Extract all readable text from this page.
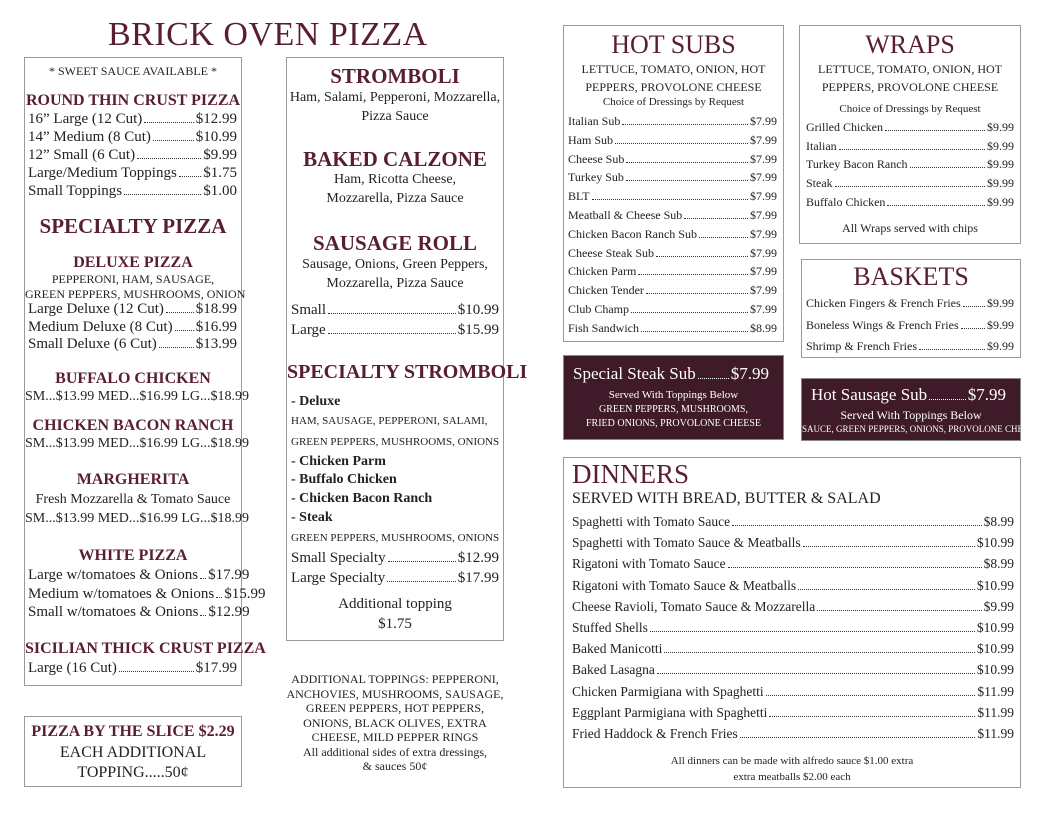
BRICK OVEN PIZZA
* SWEET SAUCE AVAILABLE *
ROUND THIN CRUST PIZZA
16” Large (12 Cut)	$12.99
14” Medium (8 Cut)	$10.99
12” Small (6 Cut)	$9.99
Large/Medium Toppings $1.75
Small Toppings	$1.00
SPECIALTY PIZZA
DELUXE PIZZA
PEPPERONI, HAM, SAUSAGE,
GREEN PEPPERS, MUSHROOMS, ONION
Large Deluxe (12 Cut) $18.99
Medium Deluxe (8 Cut) $16.99
Small Deluxe (6 Cut)	$13.99
BUFFALO CHICKEN
SM...$13.99 MED...$16.99 LG...$18.99
CHICKEN BACON RANCH
SM...$13.99 MED...$16.99 LG...$18.99
MARGHERITA
Fresh Mozzarella & Tomato Sauce
SM...$13.99 MED...$16.99 LG...$18.99
WHITE PIZZA
Large w/tomatoes & Onions $17.99
Medium w/tomatoes & Onions $15.99
Small w/tomatoes & Onions $12.99
SICILIAN THICK CRUST PIZZA
Large (16 Cut)	$17.99
PIZZA BY THE SLICE $2.29
EACH ADDITIONAL
TOPPING.....50¢
STROMBOLI
Ham, Salami, Pepperoni, Mozzarella,
Pizza Sauce
BAKED CALZONE
Ham, Ricotta Cheese,
Mozzarella, Pizza Sauce
SAUSAGE ROLL
Sausage, Onions, Green Peppers,
Mozzarella, Pizza Sauce
Small	$10.99
Large	$15.99
SPECIALTY STROMBOLI
- Deluxe
HAM, SAUSAGE, PEPPERONI, SALAMI,
GREEN PEPPERS, MUSHROOMS, ONIONS
- Chicken Parm
- Buffalo Chicken
- Chicken Bacon Ranch
- Steak
GREEN PEPPERS, MUSHROOMS, ONIONS
Small Specialty	$12.99
Large Specialty	$17.99
Additional topping
$1.75
ADDITIONAL TOPPINGS: PEPPERONI,
ANCHOVIES, MUSHROOMS, SAUSAGE,
GREEN PEPPERS, HOT PEPPERS,
ONIONS, BLACK OLIVES, EXTRA
CHEESE, MILD PEPPER RINGS
All additional sides of extra dressings,
& sauces 50¢
HOT SUBS
LETTUCE, TOMATO, ONION, HOT
PEPPERS, PROVOLONE CHEESE
Choice of Dressings by Request
Italian Sub	$7.99
Ham Sub	$7.99
Cheese Sub	$7.99
Turkey Sub	$7.99
BLT	$7.99
Meatball & Cheese Sub	$7.99
Chicken Bacon Ranch Sub	$7.99
Cheese Steak Sub	$7.99
Chicken Parm	$7.99
Chicken Tender	$7.99
Club Champ	$7.99
Fish Sandwich	$8.99
WRAPS
LETTUCE, TOMATO, ONION, HOT
PEPPERS, PROVOLONE CHEESE
Choice of Dressings by Request
Grilled Chicken	$9.99
Italian	$9.99
Turkey Bacon Ranch	$9.99
Steak	$9.99
Buffalo Chicken	$9.99
All Wraps served with chips
BASKETS
Chicken Fingers & French Fries $9.99
Boneless Wings & French Fries $9.99
Shrimp & French Fries	$9.99
Special Steak Sub $7.99
Served With Toppings Below
GREEN PEPPERS, MUSHROOMS,
FRIED ONIONS, PROVOLONE CHEESE
Hot Sausage Sub $7.99
Served With Toppings Below
SAUCE, GREEN PEPPERS, ONIONS, PROVOLONE CHEESE
DINNERS
SERVED WITH BREAD, BUTTER & SALAD
Spaghetti with Tomato Sauce	$8.99
Spaghetti with Tomato Sauce & Meatballs	$10.99
Rigatoni with Tomato Sauce	$8.99
Rigatoni with Tomato Sauce & Meatballs	$10.99
Cheese Ravioli, Tomato Sauce & Mozzarella	$9.99
Stuffed Shells	$10.99
Baked Manicotti	$10.99
Baked Lasagna	$10.99
Chicken Parmigiana with Spaghetti	$11.99
Eggplant Parmigiana with Spaghetti	$11.99
Fried Haddock & French Fries	$11.99
All dinners can be made with alfredo sauce $1.00 extra
extra meatballs $2.00 each
